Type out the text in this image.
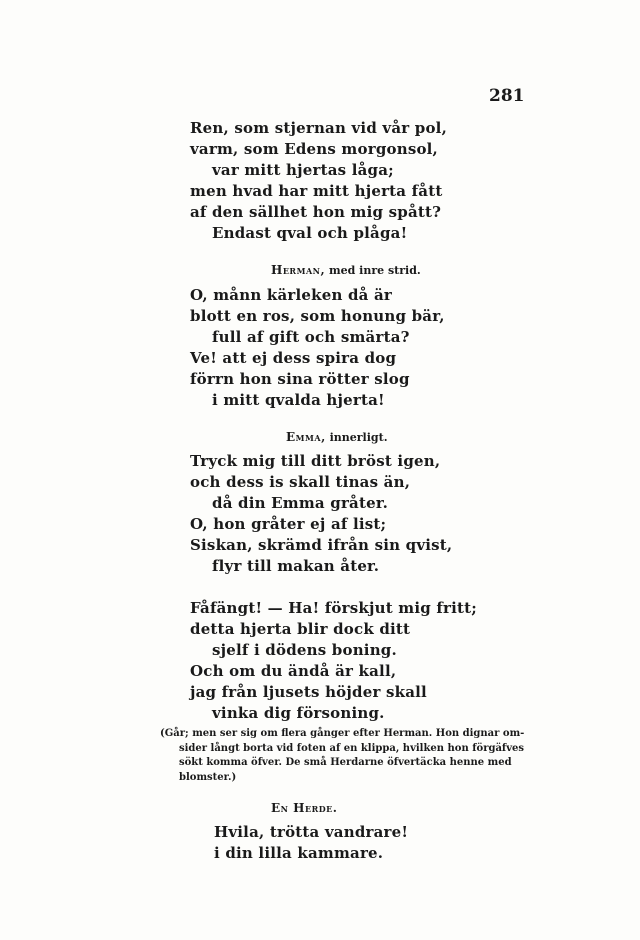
281
Ren, som stjernan vid vår pol,
varm, som Edens morgonsol,
var mitt hjertas låga;
men hvad har mitt hjerta fått
af den sällhet hon mig spått?
Endast qval och plåga!
Herman, med inre strid.
O, månn kärleken då är
blott en ros, som honung bär,
full af gift och smärta?
Ve! att ej dess spira dog
förrn hon sina rötter slog
i mitt qvalda hjerta!
Emma, innerligt.
Tryck mig till ditt bröst igen,
och dess is skall tinas än,
då din Emma gråter.
O, hon gråter ej af list;
Siskan, skrämd ifrån sin qvist,
flyr till makan åter.
Fåfängt! — Ha! förskjut mig fritt;
detta hjerta blir dock ditt
sjelf i dödens boning.
Och om du ändå är kall,
jag från ljusets höjder skall
vinka dig försoning.
(Går; men ser sig om flera gånger efter Herman. Hon dignar om-
sider långt borta vid foten af en klippa, hvilken hon förgäfves
sökt komma öfver. De små Herdarne öfvertäcka henne med
blomster.)
En Herde.
Hvila, trötta vandrare!
i din lilla kammare.
